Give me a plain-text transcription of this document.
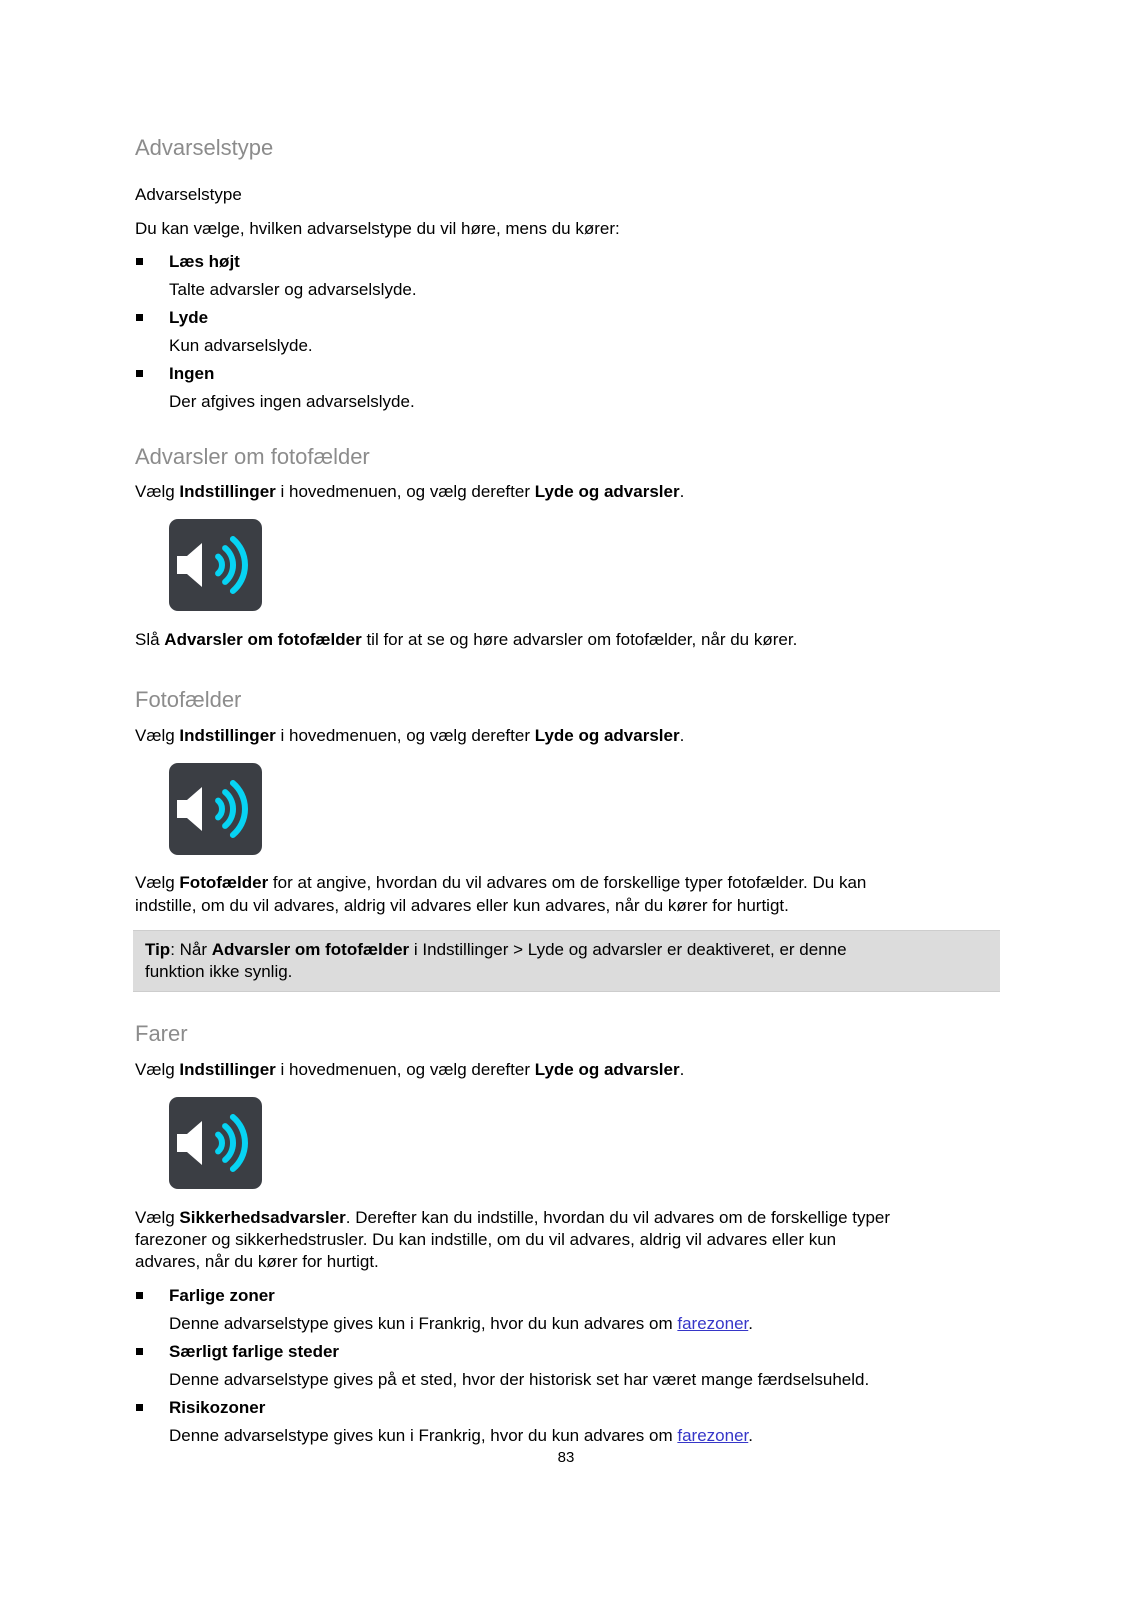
Advarselstype
Advarselstype
Du kan vælge, hvilken advarselstype du vil høre, mens du kører:
Læs højt
Talte advarsler og advarselslyde.
Lyde
Kun advarselslyde.
Ingen
Der afgives ingen advarselslyde.
Advarsler om fotofælder
Vælg Indstillinger i hovedmenuen, og vælg derefter Lyde og advarsler.
Slå Advarsler om fotofælder til for at se og høre advarsler om fotofælder, når du kører.
Fotofælder
Vælg Indstillinger i hovedmenuen, og vælg derefter Lyde og advarsler.
Vælg Fotofælder for at angive, hvordan du vil advares om de forskellige typer fotofælder. Du kan
indstille, om du vil advares, aldrig vil advares eller kun advares, når du kører for hurtigt.
Tip: Når Advarsler om fotofælder i Indstillinger > Lyde og advarsler er deaktiveret, er denne
funktion ikke synlig.
Farer
Vælg Indstillinger i hovedmenuen, og vælg derefter Lyde og advarsler.
Vælg Sikkerhedsadvarsler. Derefter kan du indstille, hvordan du vil advares om de forskellige typer
farezoner og sikkerhedstrusler. Du kan indstille, om du vil advares, aldrig vil advares eller kun
advares, når du kører for hurtigt.
Farlige zoner
Denne advarselstype gives kun i Frankrig, hvor du kun advares om farezoner.
Særligt farlige steder
Denne advarselstype gives på et sted, hvor der historisk set har været mange færdselsuheld.
Risikozoner
Denne advarselstype gives kun i Frankrig, hvor du kun advares om farezoner.
83
